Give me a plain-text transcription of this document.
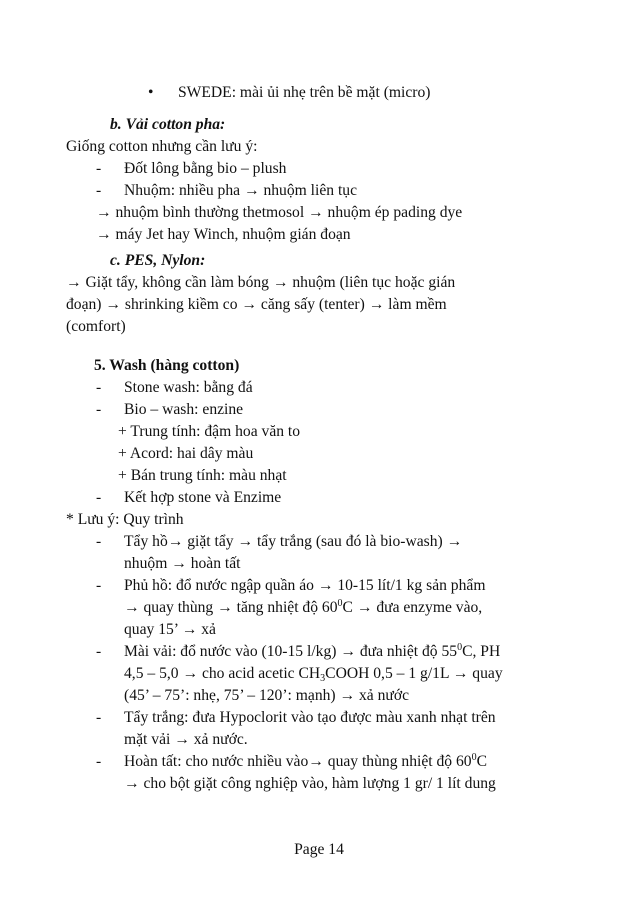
• SWEDE: mài ủi nhẹ trên bề mặt (micro)
b. Vải cotton pha:
Giống cotton nhưng cần lưu ý:
- Đốt lông bằng bio – plush
- Nhuộm: nhiều pha → nhuộm liên tục
→ nhuộm bình thường thetmosol → nhuộm ép pading dye
→ máy Jet hay Winch, nhuộm gián đoạn
c. PES, Nylon:
→ Giặt tẩy, không cần làm bóng → nhuộm (liên tục hoặc gián
đoạn) → shrinking kiềm co → căng sấy (tenter) → làm mềm
(comfort)
5. Wash (hàng cotton)
- Stone wash: bằng đá
- Bio – wash: enzine
+ Trung tính: đậm hoa văn to
+ Acord: hai dây màu
+ Bán trung tính: màu nhạt
- Kết hợp stone và Enzime
* Lưu ý: Quy trình
- Tẩy hồ→ giặt tẩy → tẩy trắng (sau đó là bio-wash) →
nhuộm → hoàn tất
- Phủ hồ: đổ nước ngập quần áo → 10-15 lít/1 kg sản phẩm
→ quay thùng → tăng nhiệt độ $60^0C$ → đưa enzyme vào,
quay 15’ → xả
- Mài vải: đổ nước vào (10-15 l/kg) → đưa nhiệt độ $55^0C$, PH
4,5 – 5,0 → cho acid acetic $CH_3COOH$ 0,5 – 1 g/1L → quay
(45’ – 75’: nhẹ, 75’ – 120’: mạnh) → xả nước
- Tẩy trắng: đưa Hypoclorit vào tạo được màu xanh nhạt trên
mặt vải → xả nước.
- Hoàn tất: cho nước nhiều vào→ quay thùng nhiệt độ $60^0C$
→ cho bột giặt công nghiệp vào, hàm lượng 1 gr/ 1 lít dung
Page 14
